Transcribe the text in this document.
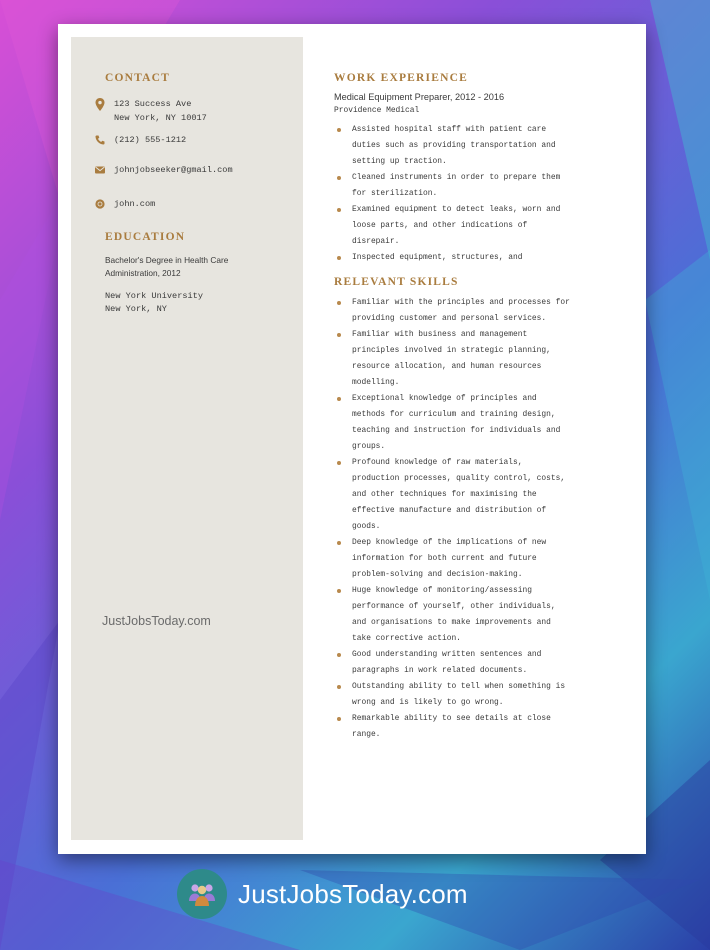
CONTACT
123 Success Ave
New York, NY 10017
(212) 555-1212
johnjobseeker@gmail.com
john.com
EDUCATION
Bachelor's Degree in Health Care
Administration, 2012
New York University
New York, NY
JustJobsToday.com
WORK EXPERIENCE
Medical Equipment Preparer, 2012 - 2016
Providence Medical
Assisted hospital staff with patient care
duties such as providing transportation and
setting up traction.
Cleaned instruments in order to prepare them
for sterilization.
Examined equipment to detect leaks, worn and
loose parts, and other indications of
disrepair.
Inspected equipment, structures, and
RELEVANT SKILLS
Familiar with the principles and processes for
providing customer and personal services.
Familiar with business and management
principles involved in strategic planning,
resource allocation, and human resources
modelling.
Exceptional knowledge of principles and
methods for curriculum and training design,
teaching and instruction for individuals and
groups.
Profound knowledge of raw materials,
production processes, quality control, costs,
and other techniques for maximising the
effective manufacture and distribution of
goods.
Deep knowledge of the implications of new
information for both current and future
problem-solving and decision-making.
Huge knowledge of monitoring/assessing
performance of yourself, other individuals,
and organisations to make improvements and
take corrective action.
Good understanding written sentences and
paragraphs in work related documents.
Outstanding ability to tell when something is
wrong and is likely to go wrong.
Remarkable ability to see details at close
range.
JustJobsToday.com
